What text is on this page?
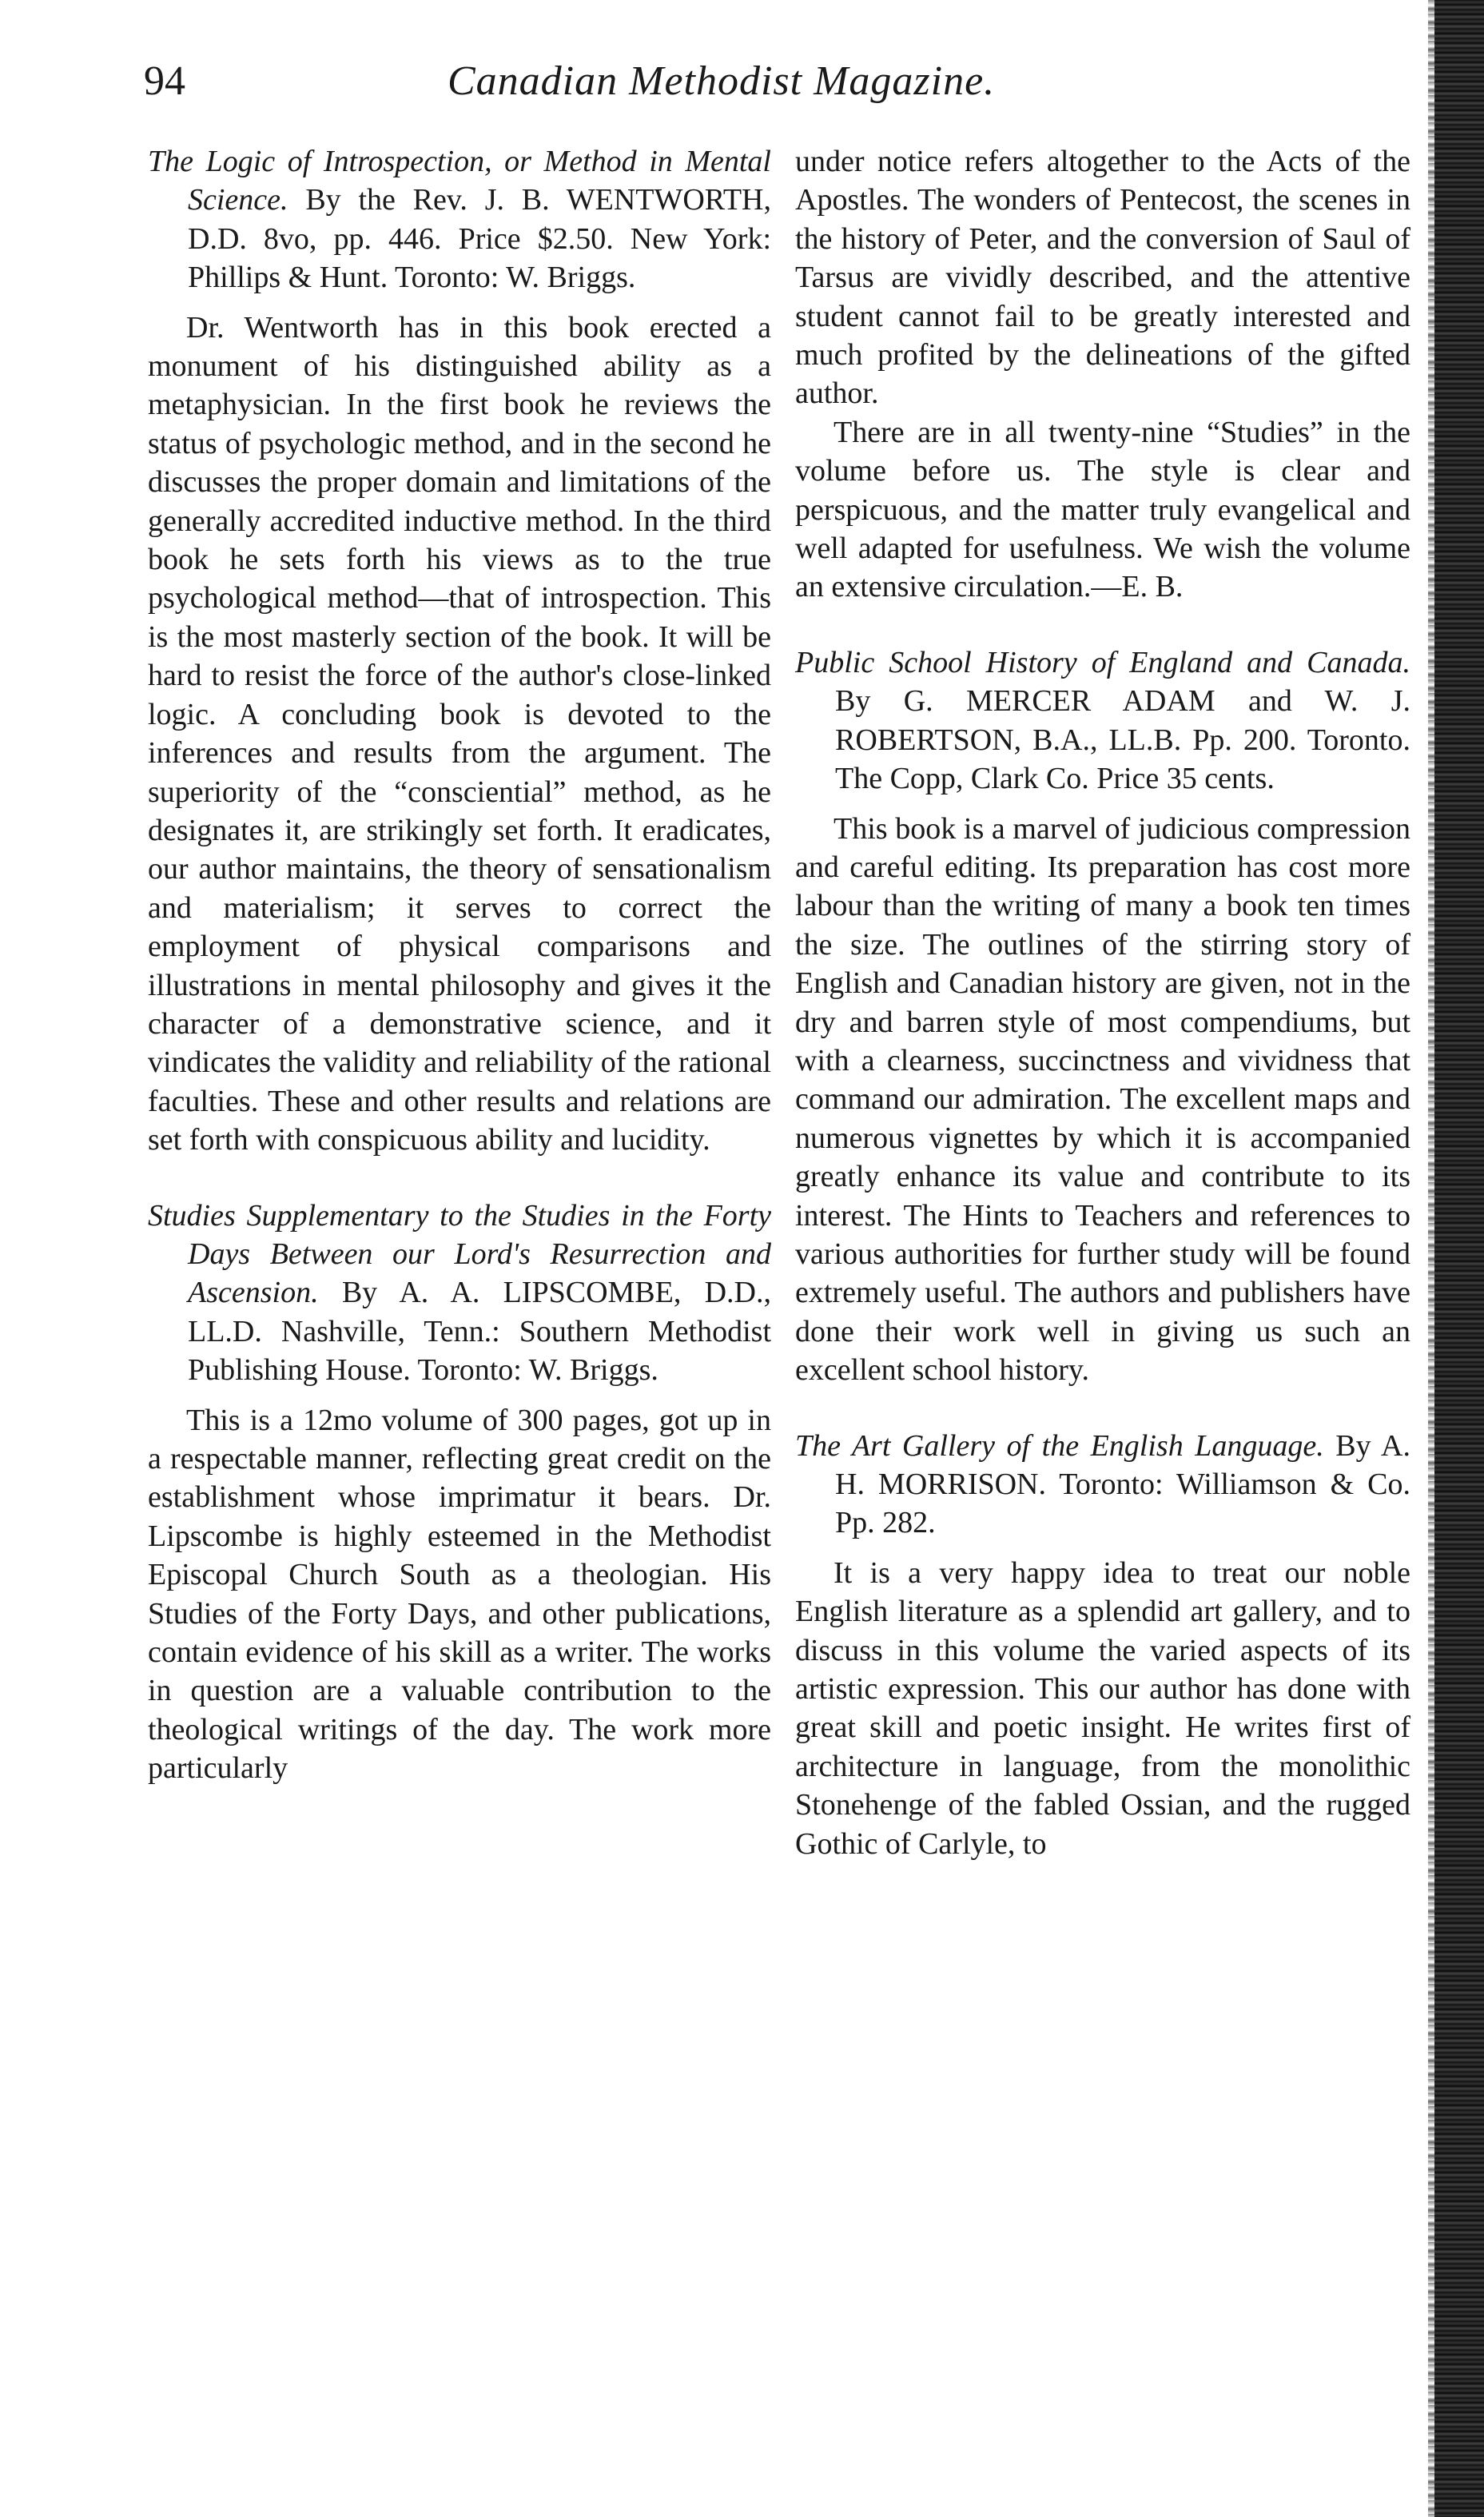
94	Canadian Methodist Magazine.

The Logic of Introspection, or Method in Mental Science. By the Rev. J. B. WENTWORTH, D.D. 8vo, pp. 446. Price $2.50. New York: Phillips & Hunt. Toronto: W. Briggs.

Dr. Wentworth has in this book erected a monument of his distinguished ability as a metaphysician. In the first book he reviews the status of psychologic method, and in the second he discusses the proper domain and limitations of the generally accredited inductive method. In the third book he sets forth his views as to the true psychological method—that of introspection. This is the most masterly section of the book. It will be hard to resist the force of the author's close-linked logic. A concluding book is devoted to the inferences and results from the argument. The superiority of the “consciential” method, as he designates it, are strikingly set forth. It eradicates, our author maintains, the theory of sensationalism and materialism; it serves to correct the employment of physical comparisons and illustrations in mental philosophy and gives it the character of a demonstrative science, and it vindicates the validity and reliability of the rational faculties. These and other results and relations are set forth with conspicuous ability and lucidity.

Studies Supplementary to the Studies in the Forty Days Between our Lord's Resurrection and Ascension. By A. A. LIPSCOMBE, D.D., LL.D. Nashville, Tenn.: Southern Methodist Publishing House. Toronto: W. Briggs.

This is a 12mo volume of 300 pages, got up in a respectable manner, reflecting great credit on the establishment whose imprimatur it bears. Dr. Lipscombe is highly esteemed in the Methodist Episcopal Church South as a theologian. His Studies of the Forty Days, and other publications, contain evidence of his skill as a writer. The works in question are a valuable contribution to the theological writings of the day. The work more particularly

under notice refers altogether to the Acts of the Apostles. The wonders of Pentecost, the scenes in the history of Peter, and the conversion of Saul of Tarsus are vividly described, and the attentive student cannot fail to be greatly interested and much profited by the delineations of the gifted author.

There are in all twenty-nine “Studies” in the volume before us. The style is clear and perspicuous, and the matter truly evangelical and well adapted for usefulness. We wish the volume an extensive circulation.—E. B.

Public School History of England and Canada. By G. MERCER ADAM and W. J. ROBERTSON, B.A., LL.B. Pp. 200. Toronto. The Copp, Clark Co. Price 35 cents.

This book is a marvel of judicious compression and careful editing. Its preparation has cost more labour than the writing of many a book ten times the size. The outlines of the stirring story of English and Canadian history are given, not in the dry and barren style of most compendiums, but with a clearness, succinctness and vividness that command our admiration. The excellent maps and numerous vignettes by which it is accompanied greatly enhance its value and contribute to its interest. The Hints to Teachers and references to various authorities for further study will be found extremely useful. The authors and publishers have done their work well in giving us such an excellent school history.

The Art Gallery of the English Language. By A. H. MORRISON. Toronto: Williamson & Co. Pp. 282.

It is a very happy idea to treat our noble English literature as a splendid art gallery, and to discuss in this volume the varied aspects of its artistic expression. This our author has done with great skill and poetic insight. He writes first of architecture in language, from the monolithic Stonehenge of the fabled Ossian, and the rugged Gothic of Carlyle, to
